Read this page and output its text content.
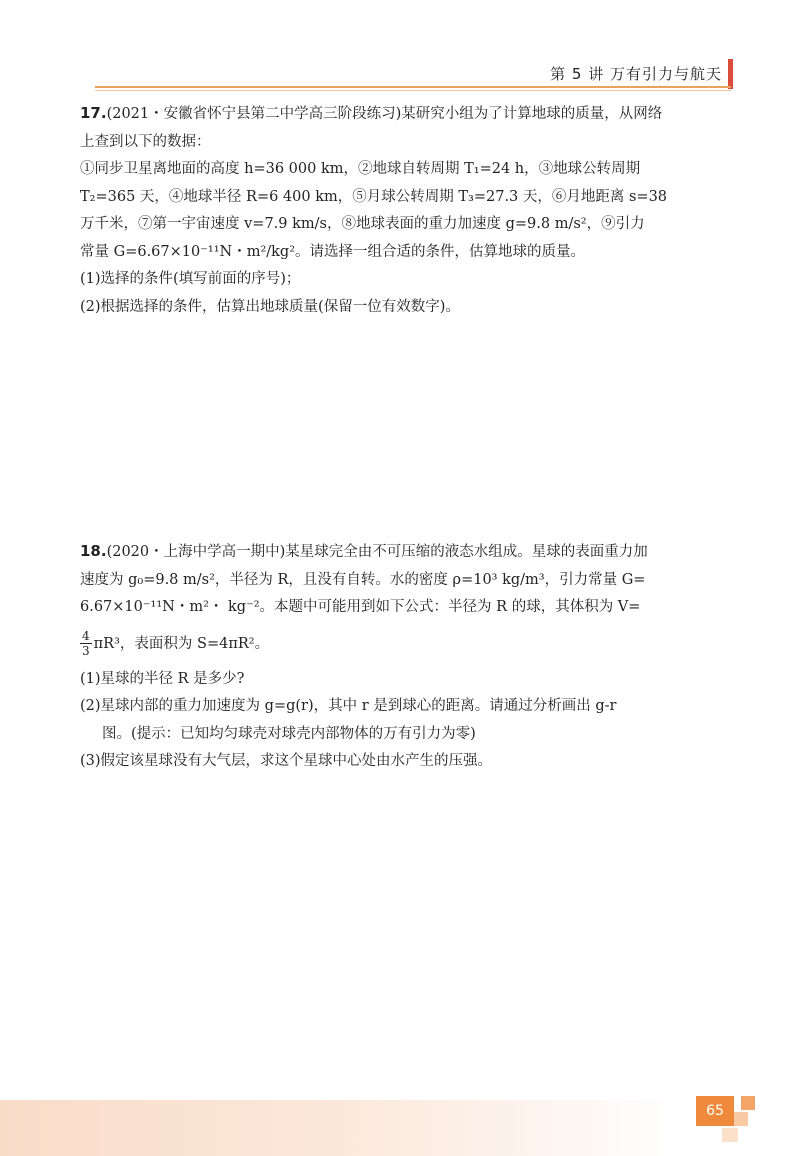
第 5 讲 万有引力与航天
17.(2021・安徽省怀宁县第二中学高三阶段练习)某研究小组为了计算地球的质量，从网络
上查到以下的数据：
①同步卫星离地面的高度 h=36 000 km，②地球自转周期 T₁=24 h，③地球公转周期
T₂=365 天，④地球半径 R=6 400 km，⑤月球公转周期 T₃=27.3 天，⑥月地距离 s=38
万千米，⑦第一宇宙速度 v=7.9 km/s，⑧地球表面的重力加速度 g=9.8 m/s²，⑨引力
常量 G=6.67×10⁻¹¹N・m²/kg²。请选择一组合适的条件，估算地球的质量。
(1)选择的条件(填写前面的序号)；
(2)根据选择的条件，估算出地球质量(保留一位有效数字)。
18.(2020・上海中学高一期中)某星球完全由不可压缩的液态水组成。星球的表面重力加
速度为 g₀=9.8 m/s²，半径为 R，且没有自转。水的密度 ρ=10³ kg/m³，引力常量 G=
6.67×10⁻¹¹N・m²・ kg⁻²。本题中可能用到如下公式：半径为 R 的球，其体积为 V=
$\frac{4}{3} \pi R^3$，表面积为 S=4πR²。
(1)星球的半径 R 是多少?
(2)星球内部的重力加速度为 g=g(r)，其中 r 是到球心的距离。请通过分析画出 g-r
图。(提示：已知均匀球壳对球壳内部物体的万有引力为零)
(3)假定该星球没有大气层，求这个星球中心处由水产生的压强。
65
